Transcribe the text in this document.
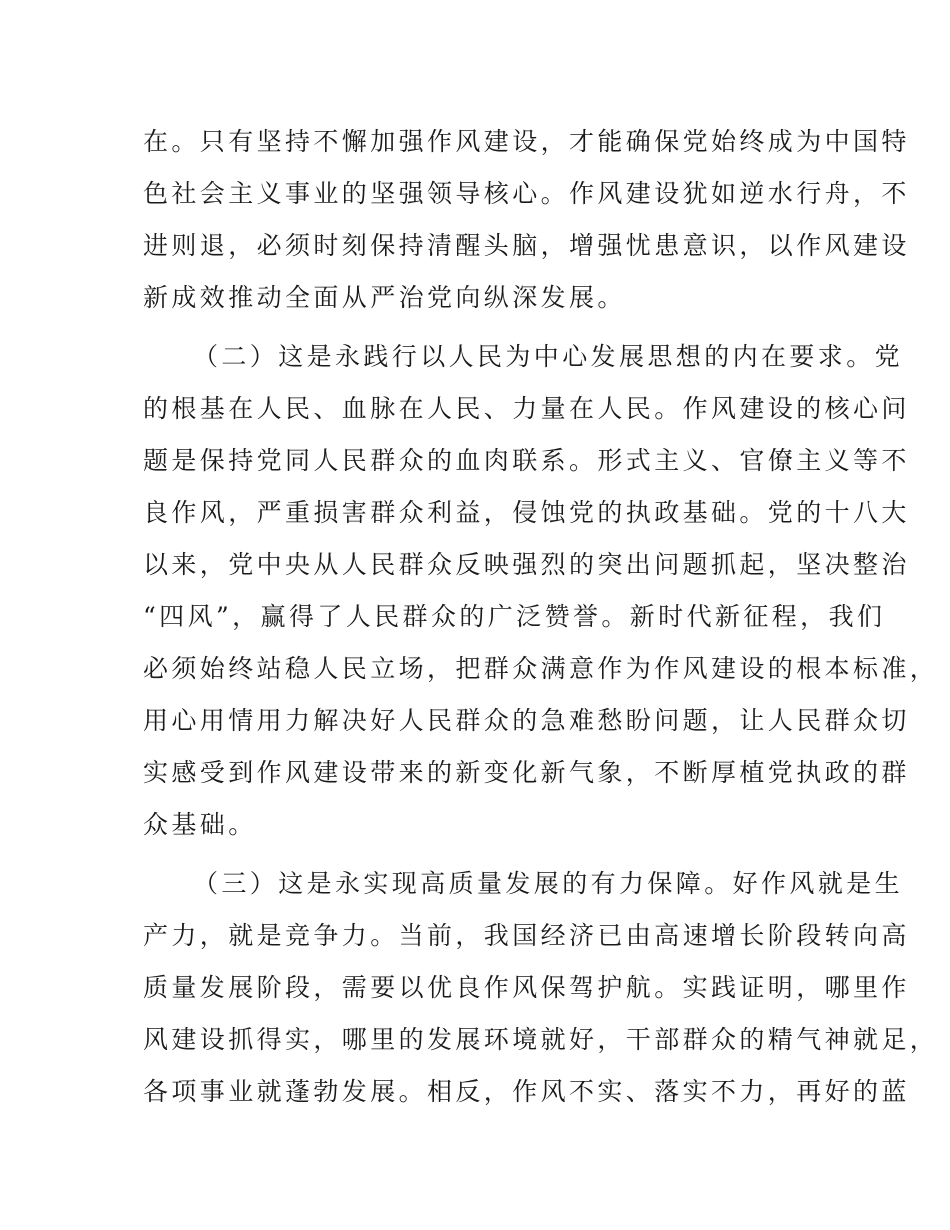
在。只有坚持不懈加强作风建设，才能确保党始终成为中国特
色社会主义事业的坚强领导核心。作风建设犹如逆水行舟，不
进则退，必须时刻保持清醒头脑，增强忧患意识，以作风建设
新成效推动全面从严治党向纵深发展。
（二）这是永践行以人民为中心发展思想的内在要求。党
的根基在人民、血脉在人民、力量在人民。作风建设的核心问
题是保持党同人民群众的血肉联系。形式主义、官僚主义等不
良作风，严重损害群众利益，侵蚀党的执政基础。党的十八大
以来，党中央从人民群众反映强烈的突出问题抓起，坚决整治
“四风”，赢得了人民群众的广泛赞誉。新时代新征程，我们
必须始终站稳人民立场，把群众满意作为作风建设的根本标准，
用心用情用力解决好人民群众的急难愁盼问题，让人民群众切
实感受到作风建设带来的新变化新气象，不断厚植党执政的群
众基础。
（三）这是永实现高质量发展的有力保障。好作风就是生
产力，就是竞争力。当前，我国经济已由高速增长阶段转向高
质量发展阶段，需要以优良作风保驾护航。实践证明，哪里作
风建设抓得实，哪里的发展环境就好，干部群众的精气神就足，
各项事业就蓬勃发展。相反，作风不实、落实不力，再好的蓝
